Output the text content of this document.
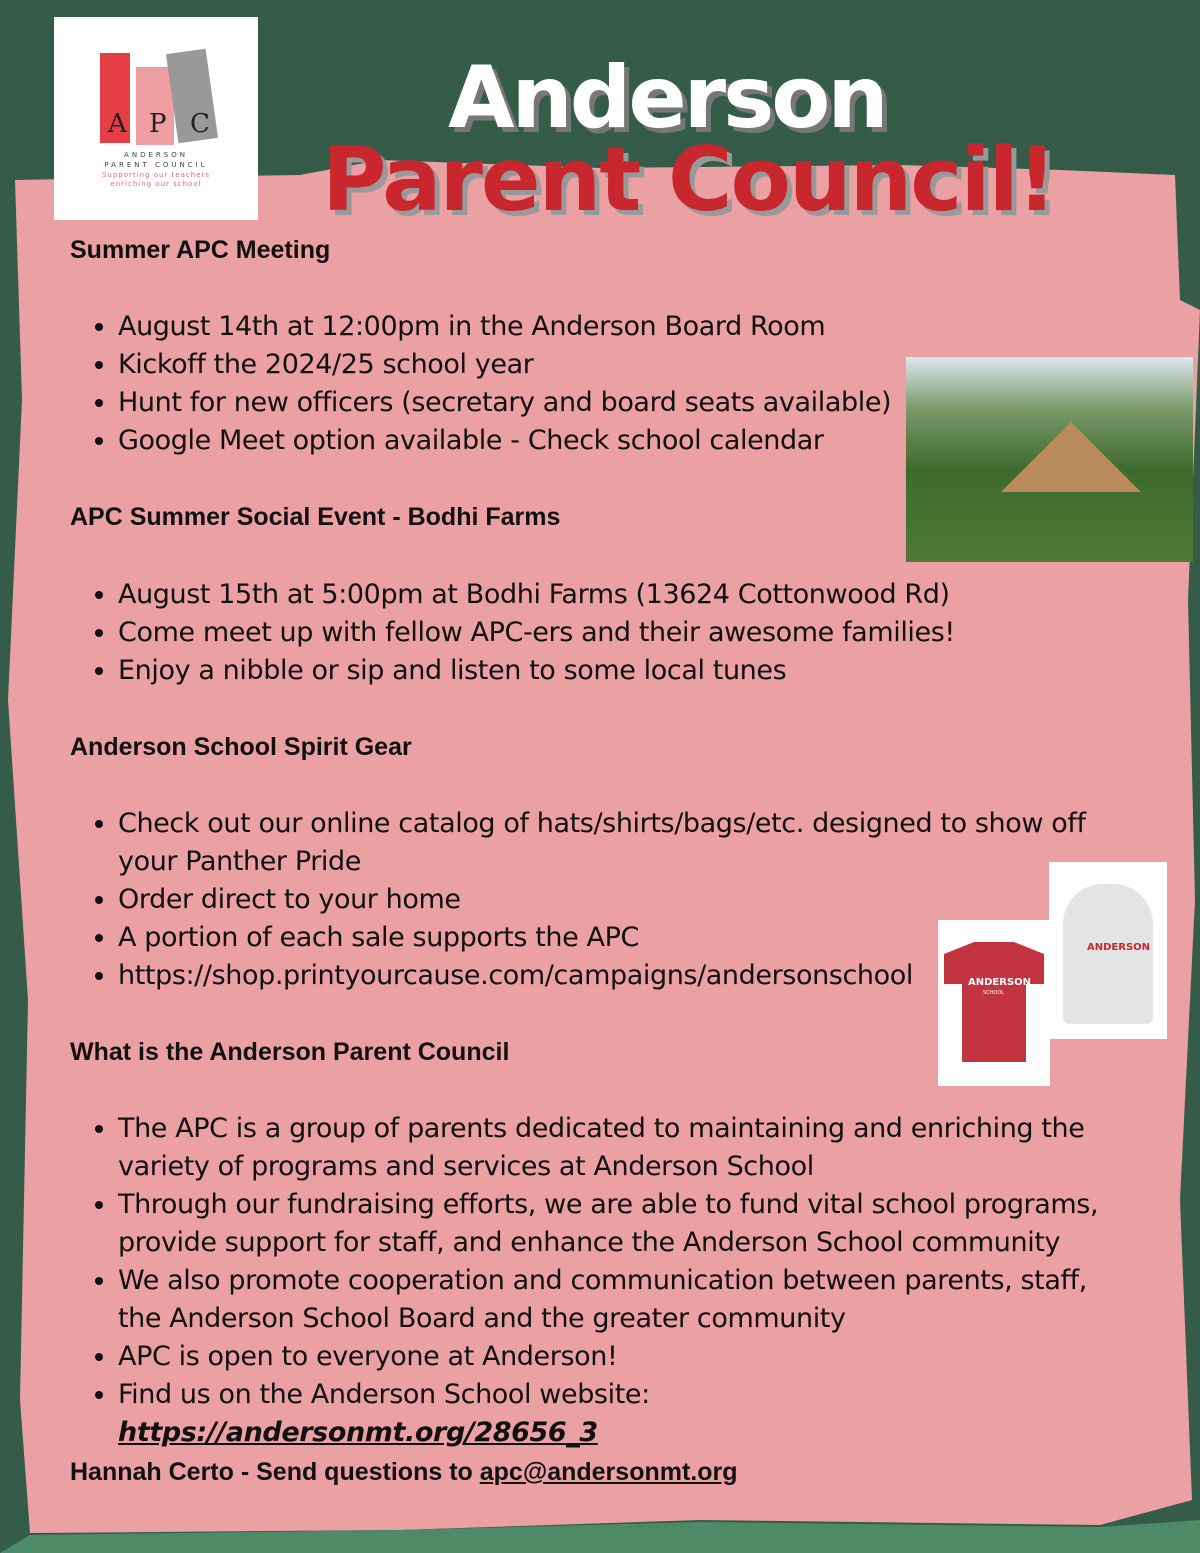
A P C
ANDERSON
PARENT COUNCIL
Supporting our teachers
enriching our school
Anderson
Parent Council!
Summer APC Meeting
• August 14th at 12:00pm in the Anderson Board Room
• Kickoff the 2024/25 school year
• Hunt for new officers (secretary and board seats available)
• Google Meet option available - Check school calendar
APC Summer Social Event - Bodhi Farms
• August 15th at 5:00pm at Bodhi Farms (13624 Cottonwood Rd)
• Come meet up with fellow APC-ers and their awesome families!
• Enjoy a nibble or sip and listen to some local tunes
Anderson School Spirit Gear
• Check out our online catalog of hats/shirts/bags/etc. designed to show off your Panther Pride
• Order direct to your home
• A portion of each sale supports the APC
• https://shop.printyourcause.com/campaigns/andersonschool
ANDERSON
ANDERSON
SCHOOL
What is the Anderson Parent Council
• The APC is a group of parents dedicated to maintaining and enriching the variety of programs and services at Anderson School
• Through our fundraising efforts, we are able to fund vital school programs, provide support for staff, and enhance the Anderson School community
• We also promote cooperation and communication between parents, staff, the Anderson School Board and the greater community
• APC is open to everyone at Anderson!
• Find us on the Anderson School website: https://andersonmt.org/28656_3
Hannah Certo - Send questions to apc@andersonmt.org
